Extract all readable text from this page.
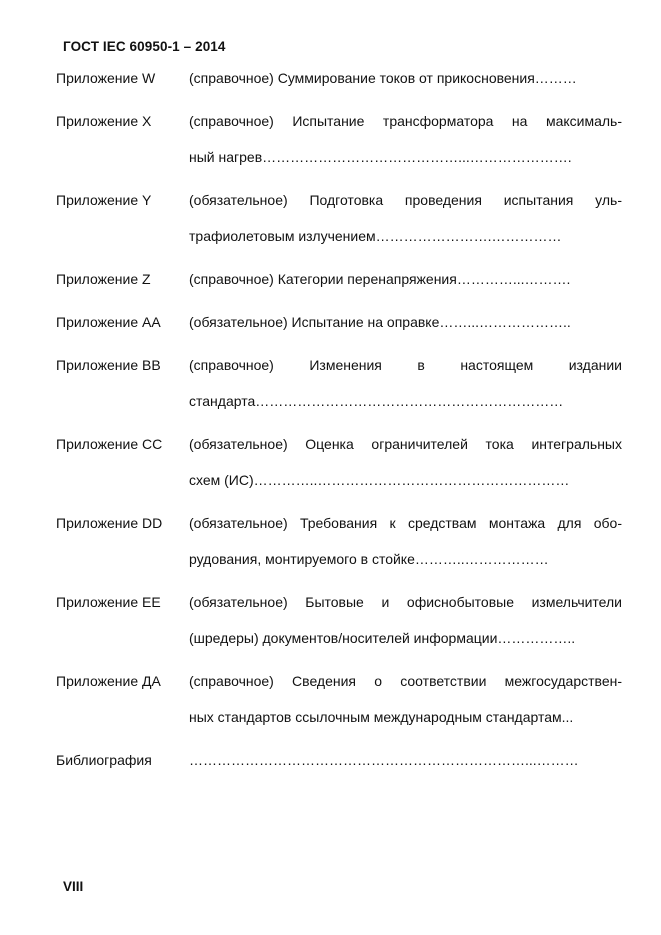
ГОСТ IEC 60950-1 – 2014
Приложение W	(справочное) Суммирование токов от прикосновения………
Приложение X	(справочное) Испытание трансформатора на максималь-
ный нагрев……………………………………...………………….
Приложение Y	(обязательное) Подготовка проведения испытания уль-
трафиолетовым излучением…………………….……………
Приложение Z	(справочное) Категории перенапряжения…………...……….
Приложение AA	(обязательное) Испытание на оправке……...………………..
Приложение BB	(справочное) Изменения в настоящем издании
стандарта…………………………………………………………
Приложение CC	(обязательное) Оценка ограничителей тока интегральных
схем (ИС)…………..………………………………………………
Приложение DD	(обязательное) Требования к средствам монтажа для обо-
рудования, монтируемого в стойке………..………………
Приложение EE	(обязательное) Бытовые и офиснобытовые измельчители
(шредеры) документов/носителей информации……………..
Приложение ДА	(справочное) Сведения о соответствии межгосударствен-
ных стандартов ссылочным международным стандартам...
Библиография	………………………………………………………………...………
VIII
